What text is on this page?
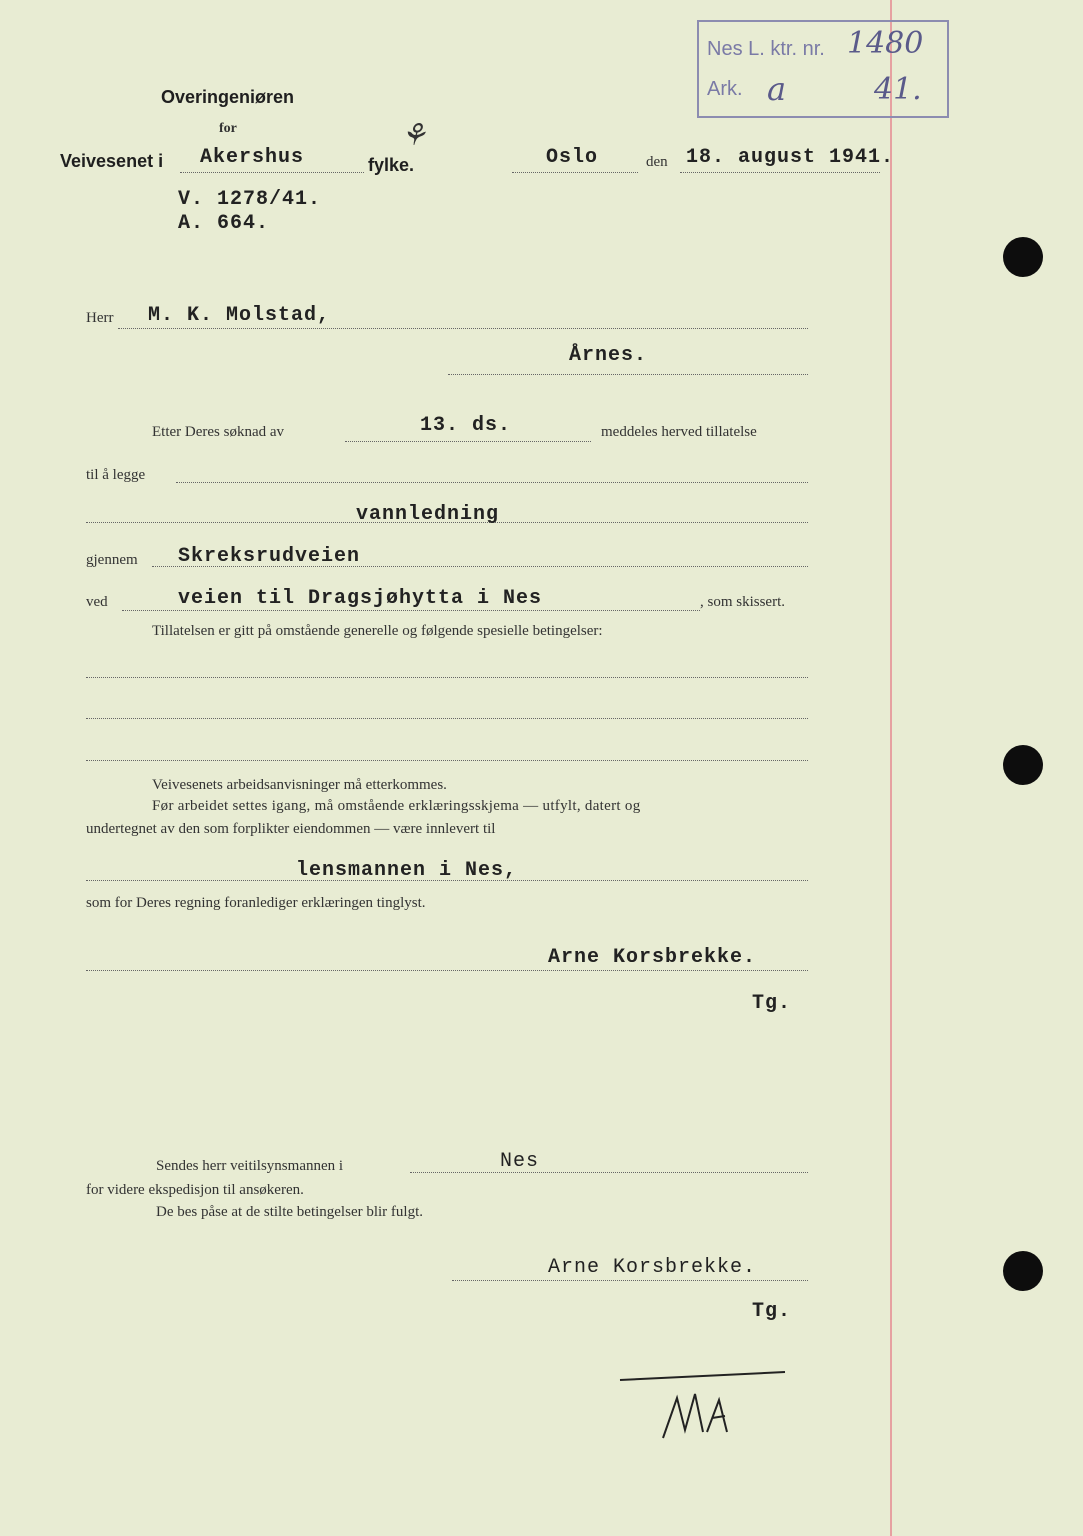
Nes L. ktr. nr. 1480
Ark. a	41.
Overingeniøren
for
Veivesenet i Akershus	fylke.
⚘
Oslo	den 18. august 1941.
V. 1278/41.
A. 664.
Herr M. K. Molstad,
Årnes.
Etter Deres søknad av	13. ds.	meddeles herved tillatelse
til å legge
vannledning
gjennem Skreksrudveien
ved	veien til Dragsjøhytta i Nes	, som skissert.
Tillatelsen er gitt på omstående generelle og følgende spesielle betingelser:
Veivesenets arbeidsanvisninger må etterkommes.
Før arbeidet settes igang, må omstående erklæringsskjema — utfylt, datert og
undertegnet av den som forplikter eiendommen — være innlevert til
lensmannen i Nes,
som for Deres regning foranlediger erklæringen tinglyst.
Arne Korsbrekke.
Tg.
Sendes herr veitilsynsmannen i	Nes
for videre ekspedisjon til ansøkeren.
De bes påse at de stilte betingelser blir fulgt.
Arne Korsbrekke.
Tg.
